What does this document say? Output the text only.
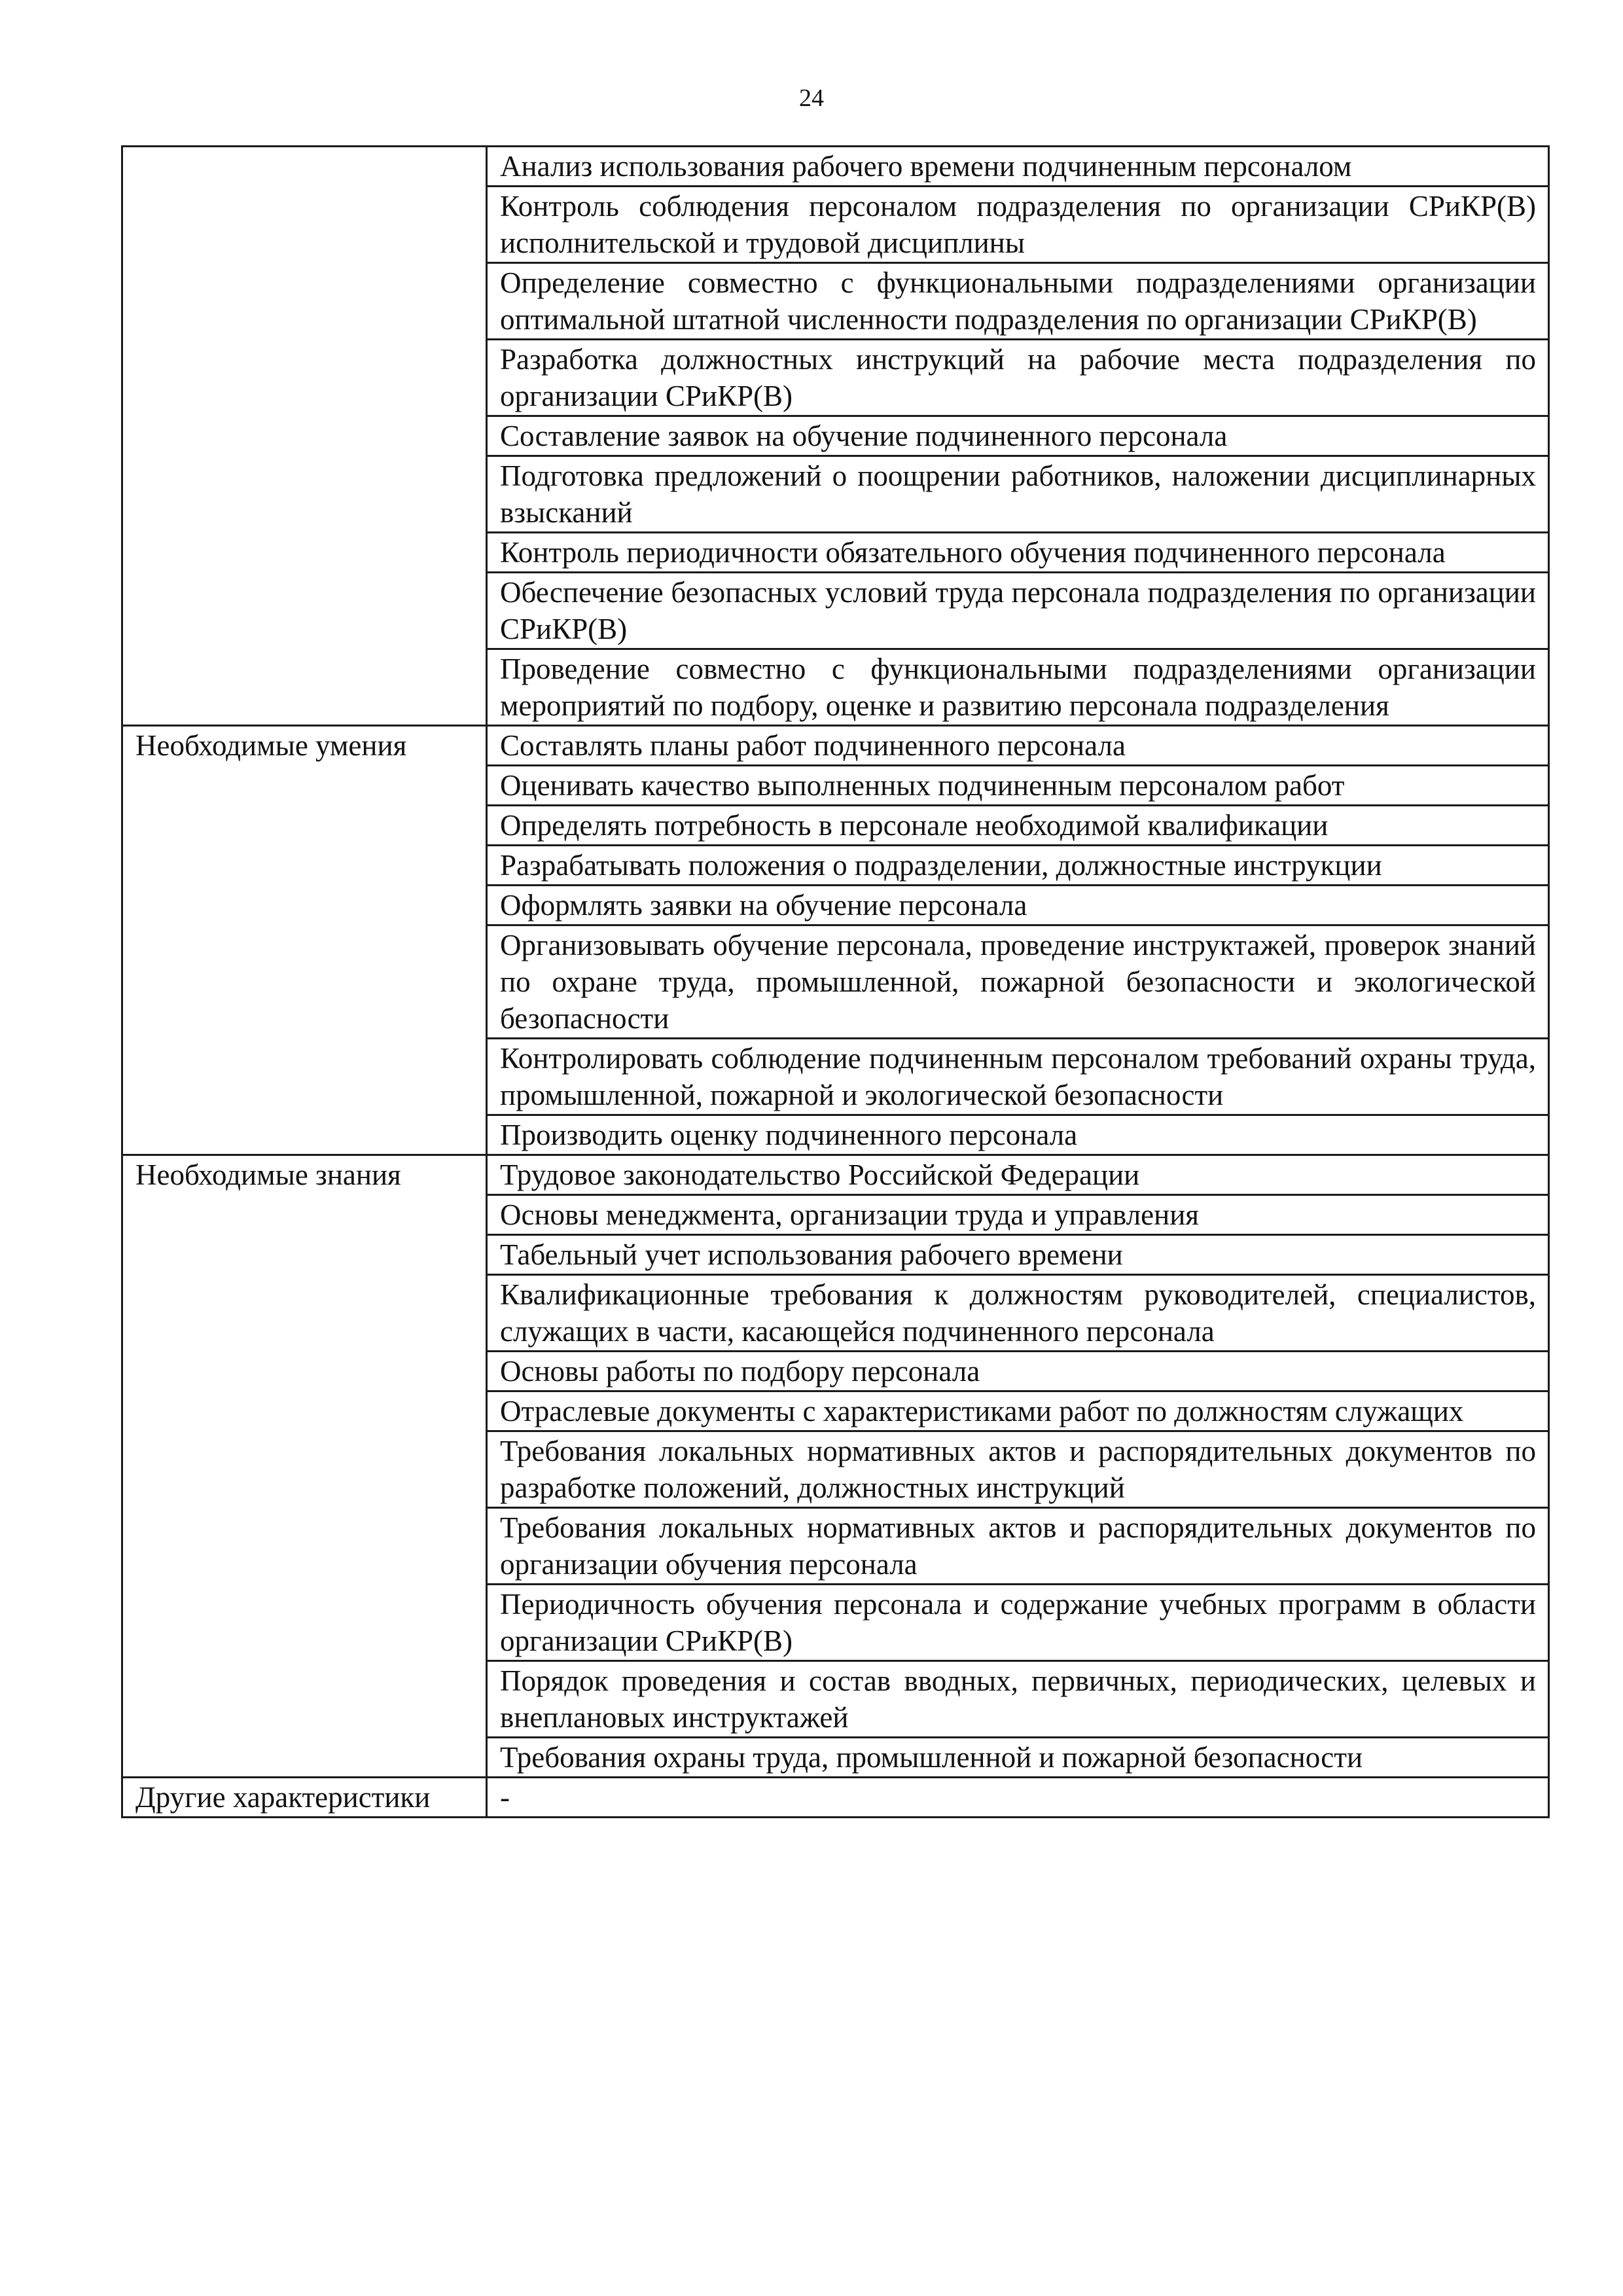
24
	Анализ использования рабочего времени подчиненным персоналом
	Контроль соблюдения персоналом подразделения по организации СРиКР(В) исполнительской и трудовой дисциплины
	Определение совместно с функциональными подразделениями организации оптимальной штатной численности подразделения по организации СРиКР(В)
	Разработка должностных инструкций на рабочие места подразделения по организации СРиКР(В)
	Составление заявок на обучение подчиненного персонала
	Подготовка предложений о поощрении работников, наложении дисциплинарных взысканий
	Контроль периодичности обязательного обучения подчиненного персонала
	Обеспечение безопасных условий труда персонала подразделения по организации СРиКР(В)
	Проведение совместно с функциональными подразделениями организации мероприятий по подбору, оценке и развитию персонала подразделения
Необходимые умения	Составлять планы работ подчиненного персонала
	Оценивать качество выполненных подчиненным персоналом работ
	Определять потребность в персонале необходимой квалификации
	Разрабатывать положения о подразделении, должностные инструкции
	Оформлять заявки на обучение персонала
	Организовывать обучение персонала, проведение инструктажей, проверок знаний по охране труда, промышленной, пожарной безопасности и экологической безопасности
	Контролировать соблюдение подчиненным персоналом требований охраны труда, промышленной, пожарной и экологической безопасности
	Производить оценку подчиненного персонала
Необходимые знания	Трудовое законодательство Российской Федерации
	Основы менеджмента, организации труда и управления
	Табельный учет использования рабочего времени
	Квалификационные требования к должностям руководителей, специалистов, служащих в части, касающейся подчиненного персонала
	Основы работы по подбору персонала
	Отраслевые документы с характеристиками работ по должностям служащих
	Требования локальных нормативных актов и распорядительных документов по разработке положений, должностных инструкций
	Требования локальных нормативных актов и распорядительных документов по организации обучения персонала
	Периодичность обучения персонала и содержание учебных программ в области организации СРиКР(В)
	Порядок проведения и состав вводных, первичных, периодических, целевых и внеплановых инструктажей
	Требования охраны труда, промышленной и пожарной безопасности
Другие характеристики	-
